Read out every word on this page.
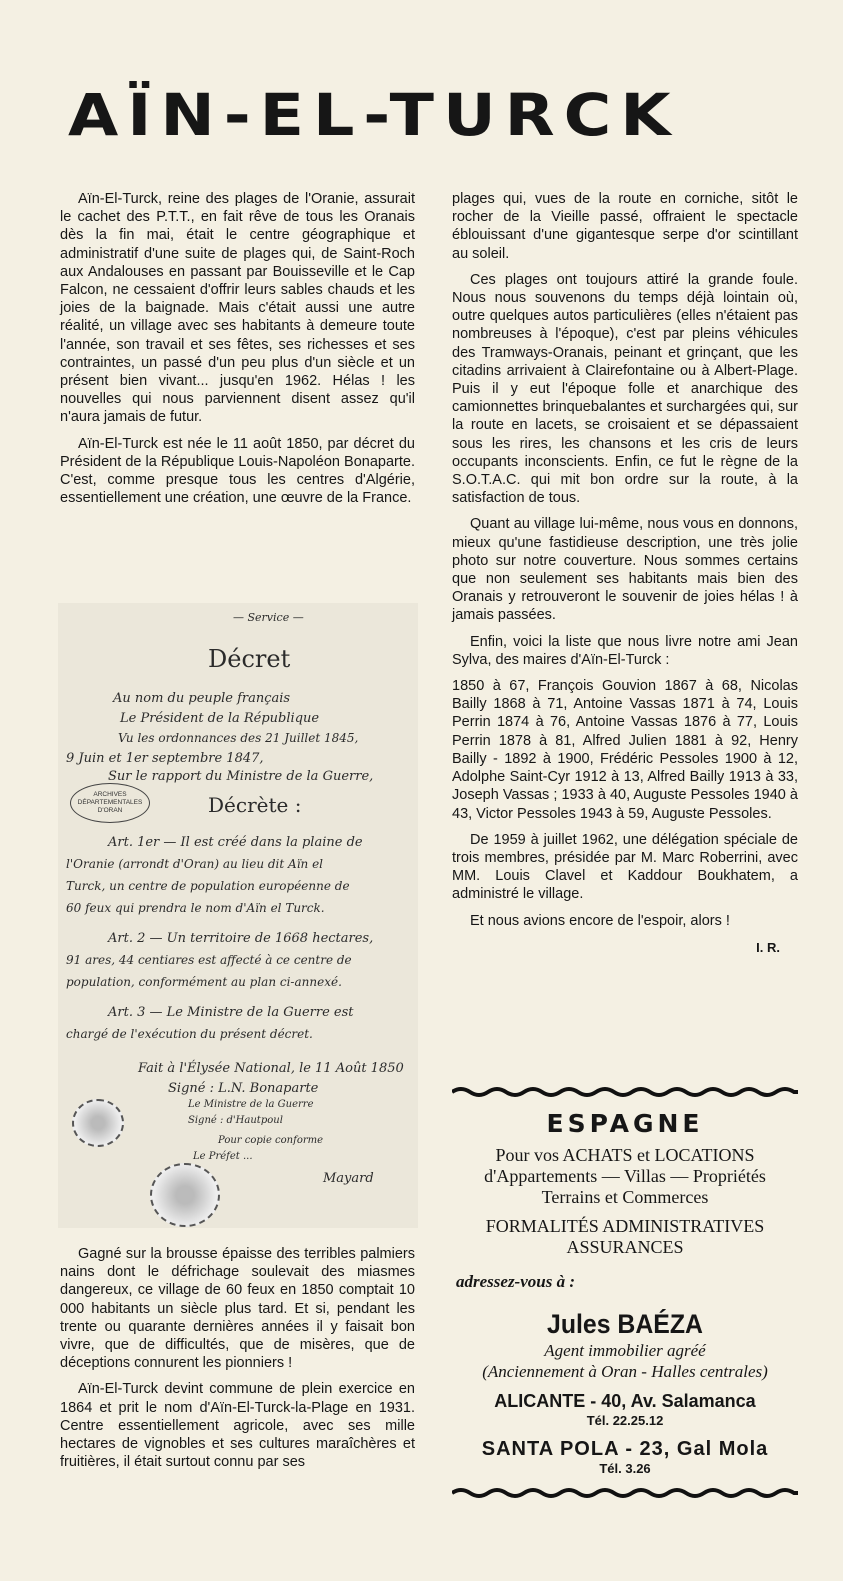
AÏN-EL-TURCK

Aïn-El-Turck, reine des plages de l'Oranie, assurait le cachet des P.T.T., en fait rêve de tous les Oranais dès la fin mai, était le centre géographique et administratif d'une suite de plages qui, de Saint-Roch aux Andalouses en passant par Bouisseville et le Cap Falcon, ne cessaient d'offrir leurs sables chauds et les joies de la baignade. Mais c'était aussi une autre réalité, un village avec ses habitants à demeure toute l'année, son travail et ses fêtes, ses richesses et ses contraintes, un passé d'un peu plus d'un siècle et un présent bien vivant... jusqu'en 1962. Hélas ! les nouvelles qui nous parviennent disent assez qu'il n'aura jamais de futur.

Aïn-El-Turck est née le 11 août 1850, par décret du Président de la République Louis-Napoléon Bonaparte. C'est, comme presque tous les centres d'Algérie, essentiellement une création, une œuvre de la France.

— Service —
Décret
Au nom du peuple français
Le Président de la République
Vu les ordonnances des 21 Juillet 1845,
9 Juin et 1er septembre 1847,
Sur le rapport du Ministre de la Guerre,
ARCHIVES DÉPARTEMENTALES D'ORAN	Décrète :
Art. 1er — Il est créé dans la plaine de
l'Oranie (arrondt d'Oran) au lieu dit Aïn el
Turck, un centre de population européenne de
60 feux qui prendra le nom d'Aïn el Turck.
Art. 2 — Un territoire de 1668 hectares,
91 ares, 44 centiares est affecté à ce centre de
population, conformément au plan ci-annexé.
Art. 3 — Le Ministre de la Guerre est
chargé de l'exécution du présent décret.
Fait à l'Élysée National, le 11 Août 1850
Signé : L.N. Bonaparte
Le Ministre de la Guerre
Signé : d'Hautpoul
Pour copie conforme
Le Préfet ...
Mayard

Gagné sur la brousse épaisse des terribles palmiers nains dont le défrichage soulevait des miasmes dangereux, ce village de 60 feux en 1850 comptait 10 000 habitants un siècle plus tard. Et si, pendant les trente ou quarante dernières années il y faisait bon vivre, que de difficultés, que de misères, que de déceptions connurent les pionniers !

Aïn-El-Turck devint commune de plein exercice en 1864 et prit le nom d'Aïn-El-Turck-la-Plage en 1931. Centre essentiellement agricole, avec ses mille hectares de vignobles et ses cultures maraîchères et fruitières, il était surtout connu par ses

plages qui, vues de la route en corniche, sitôt le rocher de la Vieille passé, offraient le spectacle éblouissant d'une gigantesque serpe d'or scintillant au soleil.

Ces plages ont toujours attiré la grande foule. Nous nous souvenons du temps déjà lointain où, outre quelques autos particulières (elles n'étaient pas nombreuses à l'époque), c'est par pleins véhicules des Tramways-Oranais, peinant et grinçant, que les citadins arrivaient à Clairefontaine ou à Albert-Plage. Puis il y eut l'époque folle et anarchique des camionnettes brinquebalantes et surchargées qui, sur la route en lacets, se croisaient et se dépassaient sous les rires, les chansons et les cris de leurs occupants inconscients. Enfin, ce fut le règne de la S.O.T.A.C. qui mit bon ordre sur la route, à la satisfaction de tous.

Quant au village lui-même, nous vous en donnons, mieux qu'une fastidieuse description, une très jolie photo sur notre couverture. Nous sommes certains que non seulement ses habitants mais bien des Oranais y retrouveront le souvenir de joies hélas ! à jamais passées.

Enfin, voici la liste que nous livre notre ami Jean Sylva, des maires d'Aïn-El-Turck :

1850 à 67, François Gouvion 1867 à 68, Nicolas Bailly 1868 à 71, Antoine Vassas 1871 à 74, Louis Perrin 1874 à 76, Antoine Vassas 1876 à 77, Louis Perrin 1878 à 81, Alfred Julien 1881 à 92, Henry Bailly - 1892 à 1900, Frédéric Pessoles 1900 à 12, Adolphe Saint-Cyr 1912 à 13, Alfred Bailly 1913 à 33, Joseph Vassas ; 1933 à 40, Auguste Pessoles 1940 à 43, Victor Pessoles 1943 à 59, Auguste Pessoles.

De 1959 à juillet 1962, une délégation spéciale de trois membres, présidée par M. Marc Roberrini, avec MM. Louis Clavel et Kaddour Boukhatem, a administré le village.

Et nous avions encore de l'espoir, alors !

I. R.

ESPAGNE
Pour vos ACHATS et LOCATIONS
d'Appartements — Villas — Propriétés
Terrains et Commerces
FORMALITÉS ADMINISTRATIVES
ASSURANCES
adressez-vous à :
Jules BAÉZA
Agent immobilier agréé
(Anciennement à Oran - Halles centrales)
ALICANTE - 40, Av. Salamanca
Tél. 22.25.12
SANTA POLA - 23, Gal Mola
Tél. 3.26
